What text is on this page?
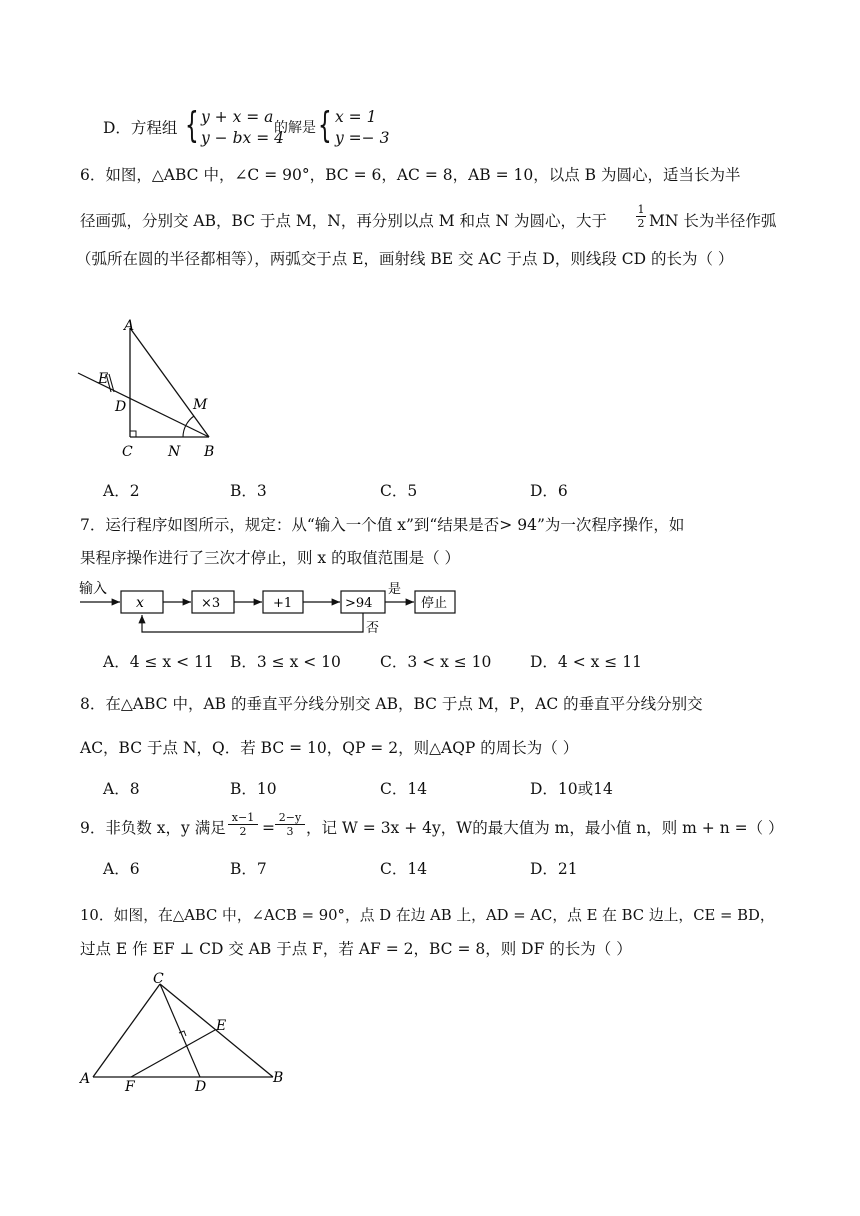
D．方程组 { y + x = a
y − bx = 4
的解是 { x = 1
y =− 3
6．如图，△ABC 中，∠C = 90°，BC = 6，AC = 8，AB = 10，以点 B 为圆心，适当长为半
径画弧，分别交 AB，BC 于点 M，N，再分别以点 M 和点 N 为圆心，大于	$\frac{1}{2}$ MN 长为半径作弧
（弧所在圆的半径都相等），两弧交于点 E，画射线 BE 交 AC 于点 D，则线段 CD 的长为（ ）
A
E
D	M
C	N B
A．2	B．3	C．5	D．6
7．运行程序如图所示，规定：从“输入一个值 x”到“结果是否> 94”为一次程序操作，如
果程序操作进行了三次才停止，则 x 的取值范围是（ ）
输入
x	×3	+1	>94
是
停止
否
A．4 ≤ x < 11 B．3 ≤ x < 10	C．3 < x ≤ 10 D．4 < x ≤ 11
8．在△ABC 中，AB 的垂直平分线分别交 AB，BC 于点 M，P，AC 的垂直平分线分别交
AC，BC 于点 N，Q．若 BC = 10，QP = 2，则△AQP 的周长为（ ）
A．8	B．10	C．14	D．10或14
9．非负数 x，y 满足 $\frac{x-1}{2} = \frac{2-y}{3}$ ，记 W = 3x + 4y，W的最大值为 m，最小值 n，则 m + n =（ ）
A．6	B．7	C．14	D．21
10．如图，在△ABC 中，∠ACB = 90°，点 D 在边 AB 上，AD = AC，点 E 在 BC 边上，CE = BD，
过点 E 作 EF ⊥ CD 交 AB 于点 F，若 AF = 2，BC = 8，则 DF 的长为（ ）
C
E
A F	D
B
